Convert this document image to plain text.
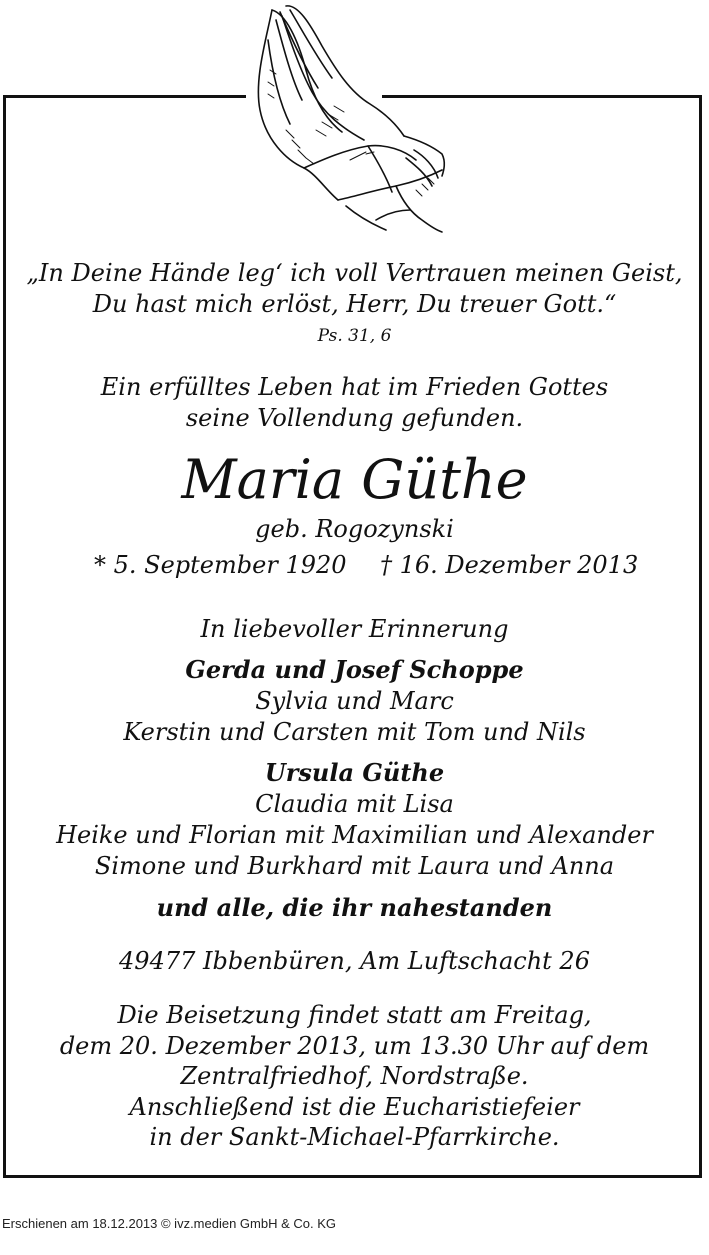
„In Deine Hände leg‘ ich voll Vertrauen meinen Geist,
Du hast mich erlöst, Herr, Du treuer Gott.“
Ps. 31, 6
Ein erfülltes Leben hat im Frieden Gottes
seine Vollendung gefunden.
Maria Güthe
geb. Rogozynski
* 5. September 1920 † 16. Dezember 2013
In liebevoller Erinnerung
Gerda und Josef Schoppe
Sylvia und Marc
Kerstin und Carsten mit Tom und Nils
Ursula Güthe
Claudia mit Lisa
Heike und Florian mit Maximilian und Alexander
Simone und Burkhard mit Laura und Anna
und alle, die ihr nahestanden
49477 Ibbenbüren, Am Luftschacht 26
Die Beisetzung findet statt am Freitag,
dem 20. Dezember 2013, um 13.30 Uhr auf dem
Zentralfriedhof, Nordstraße.
Anschließend ist die Eucharistiefeier
in der Sankt-Michael-Pfarrkirche.
Erschienen am 18.12.2013 © ivz.medien GmbH & Co. KG
